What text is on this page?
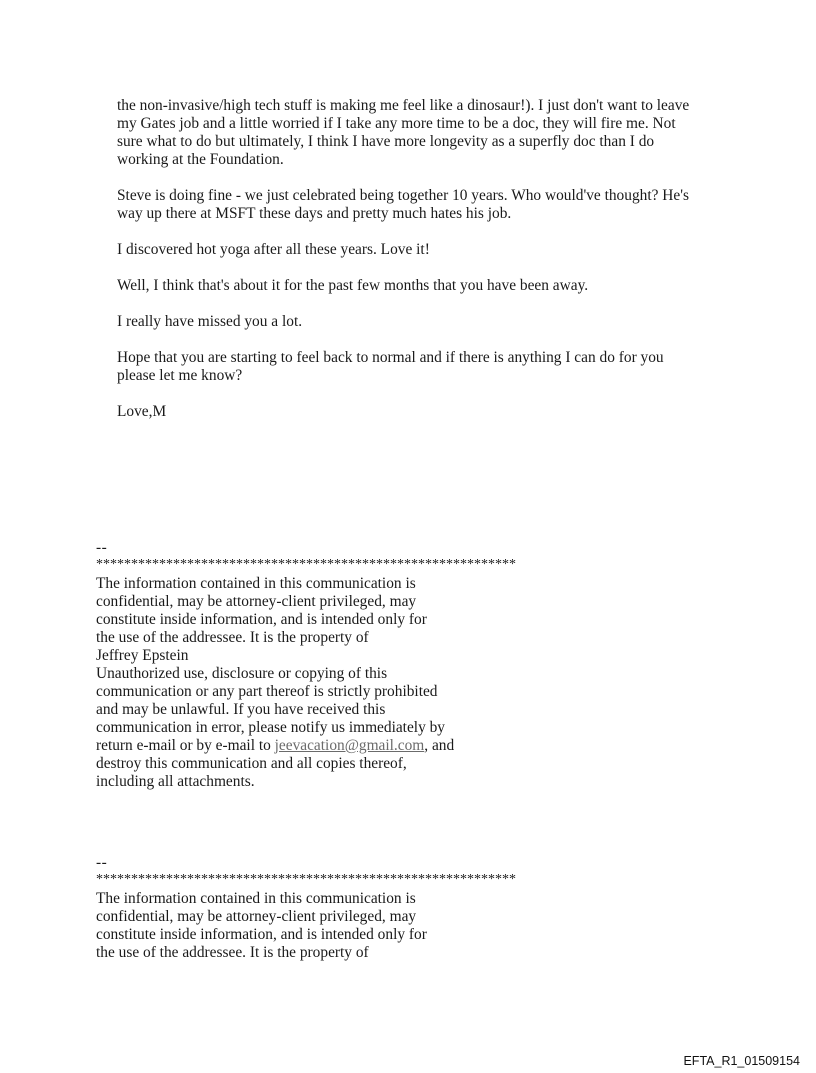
the non-invasive/high tech stuff is making me feel like a dinosaur!). I just don't want to leave
my Gates job and a little worried if I take any more time to be a doc, they will fire me. Not
sure what to do but ultimately, I think I have more longevity as a superfly doc than I do
working at the Foundation.

Steve is doing fine - we just celebrated being together 10 years. Who would've thought? He's
way up there at MSFT these days and pretty much hates his job.

I discovered hot yoga after all these years. Love it!

Well, I think that's about it for the past few months that you have been away.

I really have missed you a lot.

Hope that you are starting to feel back to normal and if there is anything I can do for you
please let me know?

Love,M

--
************************************************************
The information contained in this communication is
confidential, may be attorney-client privileged, may
constitute inside information, and is intended only for
the use of the addressee. It is the property of
Jeffrey Epstein
Unauthorized use, disclosure or copying of this
communication or any part thereof is strictly prohibited
and may be unlawful. If you have received this
communication in error, please notify us immediately by
return e-mail or by e-mail to jeevacation@gmail.com, and
destroy this communication and all copies thereof,
including all attachments.
--
************************************************************
The information contained in this communication is
confidential, may be attorney-client privileged, may
constitute inside information, and is intended only for
the use of the addressee. It is the property of
EFTA_R1_01509154
